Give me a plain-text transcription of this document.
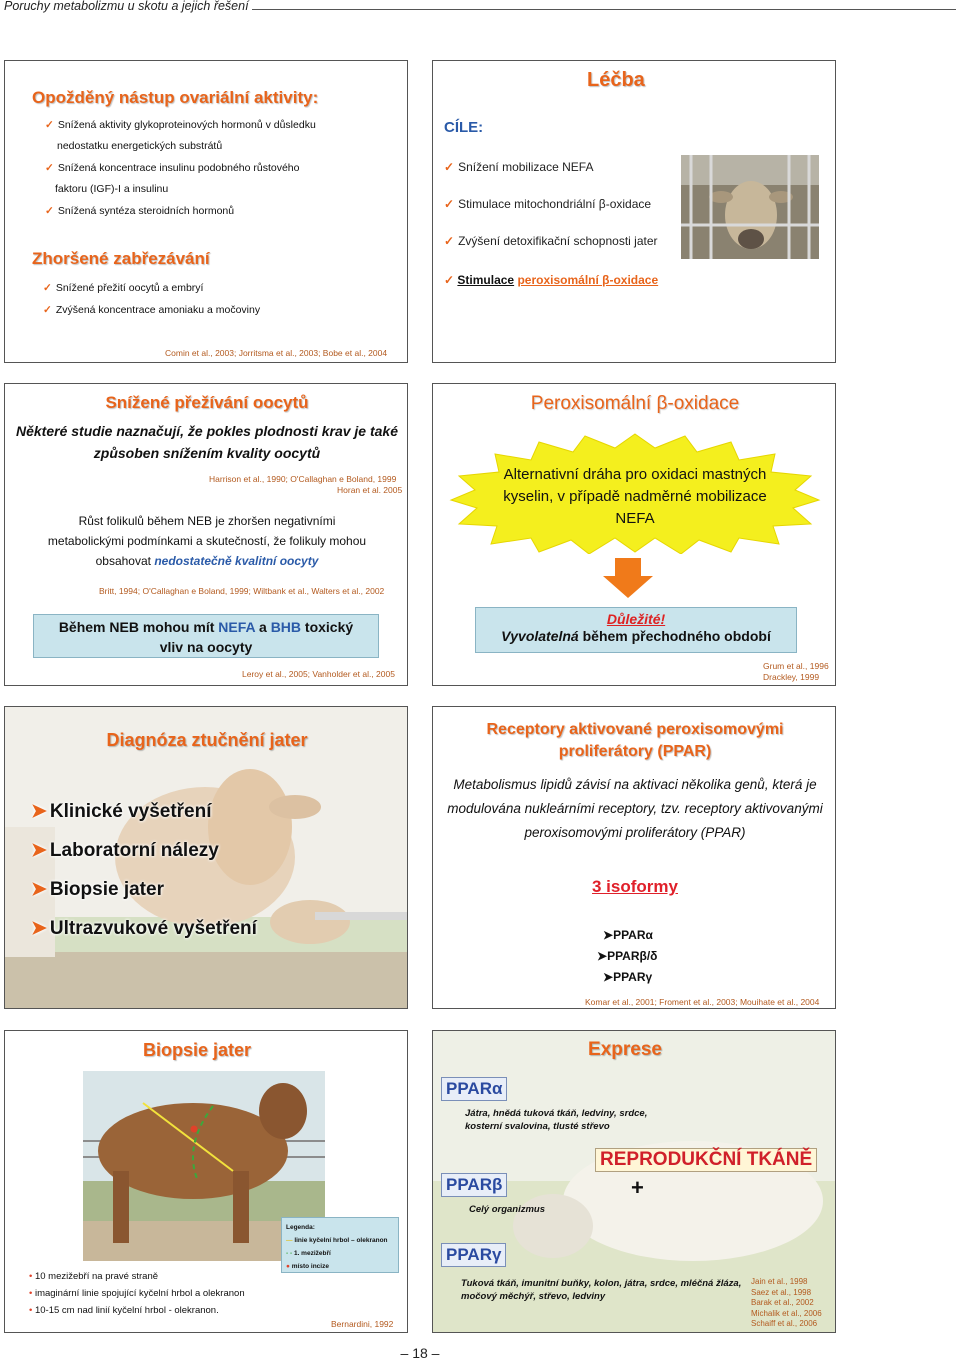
Poruchy metabolizmu u skotu a jejich řešení
Opožděný nástup ovariální aktivity:
✓ Snížená aktivity glykoproteinových hormonů v důsledku
nedostatku energetických substrátů
✓ Snížená koncentrace insulinu podobného růstového
faktoru (IGF)-I a insulinu
✓ Snížená syntéza steroidních hormonů
Zhoršené zabřezávání
✓ Snížené přežití oocytů a embryí
✓ Zvýšená koncentrace amoniaku a močoviny
Comin et al., 2003; Jorritsma et al., 2003; Bobe et al., 2004
Léčba
CÍLE:
✓ Snížení mobilizace NEFA
✓ Stimulace mitochondriální β-oxidace
✓ Zvýšení detoxifikační schopnosti jater
✓ Stimulace peroxisomální β-oxidace
Snížené přežívání oocytů
Některé studie naznačují, že pokles plodnosti krav je také způsoben snížením kvality oocytů
Harrison et al., 1990; O'Callaghan e Boland, 1999
Horan et al. 2005
Růst folikulů během NEB je zhoršen negativními
metabolickými podmínkami a skutečností, že folikuly mohou
obsahovat nedostatečně kvalitní oocyty
Britt, 1994; O'Callaghan e Boland, 1999; Wiltbank et al., Walters et al., 2002
Během NEB mohou mít NEFA a BHB toxický
vliv na oocyty
Leroy et al., 2005; Vanholder et al., 2005
Peroxisomální β-oxidace
Alternativní dráha pro oxidaci mastných kyselin, v případě nadměrné mobilizace NEFA
Důležité!
Vyvolatelná během přechodného období
Grum et al., 1996
Drackley, 1999
Diagnóza ztučnění jater
➤ Klinické vyšetření
➤ Laboratorní nálezy
➤ Biopsie jater
➤ Ultrazvukové vyšetření
Receptory aktivované peroxisomovými
proliferátory (PPAR)
Metabolismus lipidů závisí na aktivaci několika genů, která je modulována nukleárními receptory, tzv. receptory aktivovanými peroxisomovými proliferátory (PPAR)
3 isoformy
➤PPARα
➤PPARβ/δ
➤PPARγ
Komar et al., 2001; Froment et al., 2003; Mouihate et al., 2004
Biopsie jater
Legenda:
— linie kyčelní hrbol – olekranon
- - 1. mezižebří
● místo incize
• 10 mezižebří na pravé straně
• imaginární linie spojující kyčelní hrbol a olekranon
• 10-15 cm nad linií kyčelní hrbol - olekranon.
Bernardini, 1992
Exprese
PPARα
Játra, hnědá tuková tkáň, ledviny, srdce, kosterní svalovina, tlusté střevo
REPRODUKČNÍ TKÁNĚ
+
PPARβ
Celý organizmus
PPARγ
Tuková tkáň, imunitní buňky, kolon, játra, srdce, mléčná žláza, močový měchýř, střevo, ledviny
Jain et al., 1998
Saez et al., 1998
Barak et al., 2002
Michalik et al., 2006
Schaiff et al., 2006
– 18 –
